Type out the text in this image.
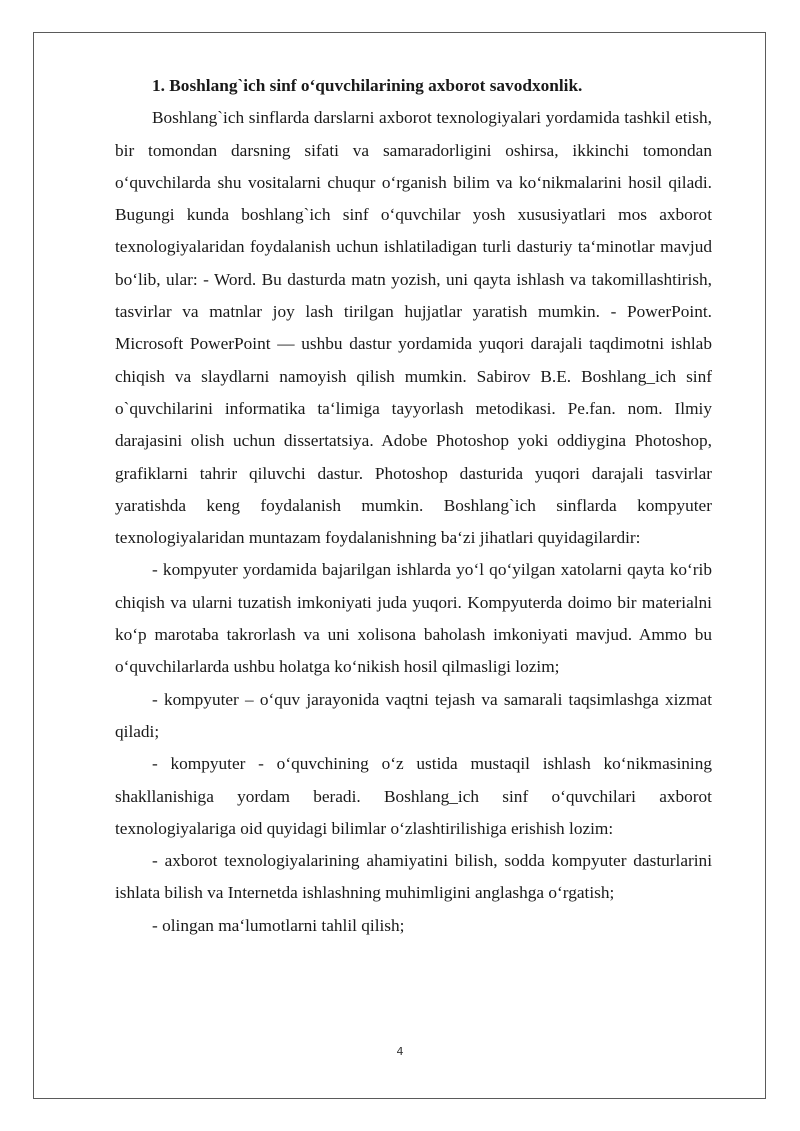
1. Boshlang`ich sinf o‘quvchilarining axborot savodxonlik.

Boshlang`ich sinflarda darslarni axborot texnologiyalari yordamida tashkil etish, bir tomondan darsning sifati va samaradorligini oshirsa, ikkinchi tomondan o‘quvchilarda shu vositalarni chuqur o‘rganish bilim va ko‘nikmalarini hosil qiladi. Bugungi kunda boshlang`ich sinf o‘quvchilar yosh xususiyatlari mos axborot texnologiyalaridan foydalanish uchun ishlatiladigan turli dasturiy ta‘minotlar mavjud bo‘lib, ular: - Word. Bu dasturda matn yozish, uni qayta ishlash va takomillashtirish, tasvirlar va matnlar joy lash tirilgan hujjatlar yaratish mumkin. - PowerPoint. Microsoft PowerPoint — ushbu dastur yordamida yuqori darajali taqdimotni ishlab chiqish va slaydlarni namoyish qilish mumkin. Sabirov B.E. Boshlang_ich sinf o`quvchilarini informatika ta‘limiga tayyorlash metodikasi. Pe.fan. nom. Ilmiy darajasini olish uchun dissertatsiya. Adobe Photoshop yoki oddiygina Photoshop, grafiklarni tahrir qiluvchi dastur. Photoshop dasturida yuqori darajali tasvirlar yaratishda keng foydalanish mumkin. Boshlang`ich sinflarda kompyuter texnologiyalaridan muntazam foydalanishning ba‘zi jihatlari quyidagilardir:

- kompyuter yordamida bajarilgan ishlarda yo‘l qo‘yilgan xatolarni qayta ko‘rib chiqish va ularni tuzatish imkoniyati juda yuqori. Kompyuterda doimo bir materialni ko‘p marotaba takrorlash va uni xolisona baholash imkoniyati mavjud. Ammo bu o‘quvchilarlarda ushbu holatga ko‘nikish hosil qilmasligi lozim;

- kompyuter – o‘quv jarayonida vaqtni tejash va samarali taqsimlashga xizmat qiladi;

- kompyuter - o‘quvchining o‘z ustida mustaqil ishlash ko‘nikmasining shakllanishiga yordam beradi. Boshlang_ich sinf o‘quvchilari axborot texnologiyalariga oid quyidagi bilimlar o‘zlashtirilishiga erishish lozim:

- axborot texnologiyalarining ahamiyatini bilish, sodda kompyuter dasturlarini ishlata bilish va Internetda ishlashning muhimligini anglashga o‘rgatish;

- olingan ma‘lumotlarni tahlil qilish;

4
